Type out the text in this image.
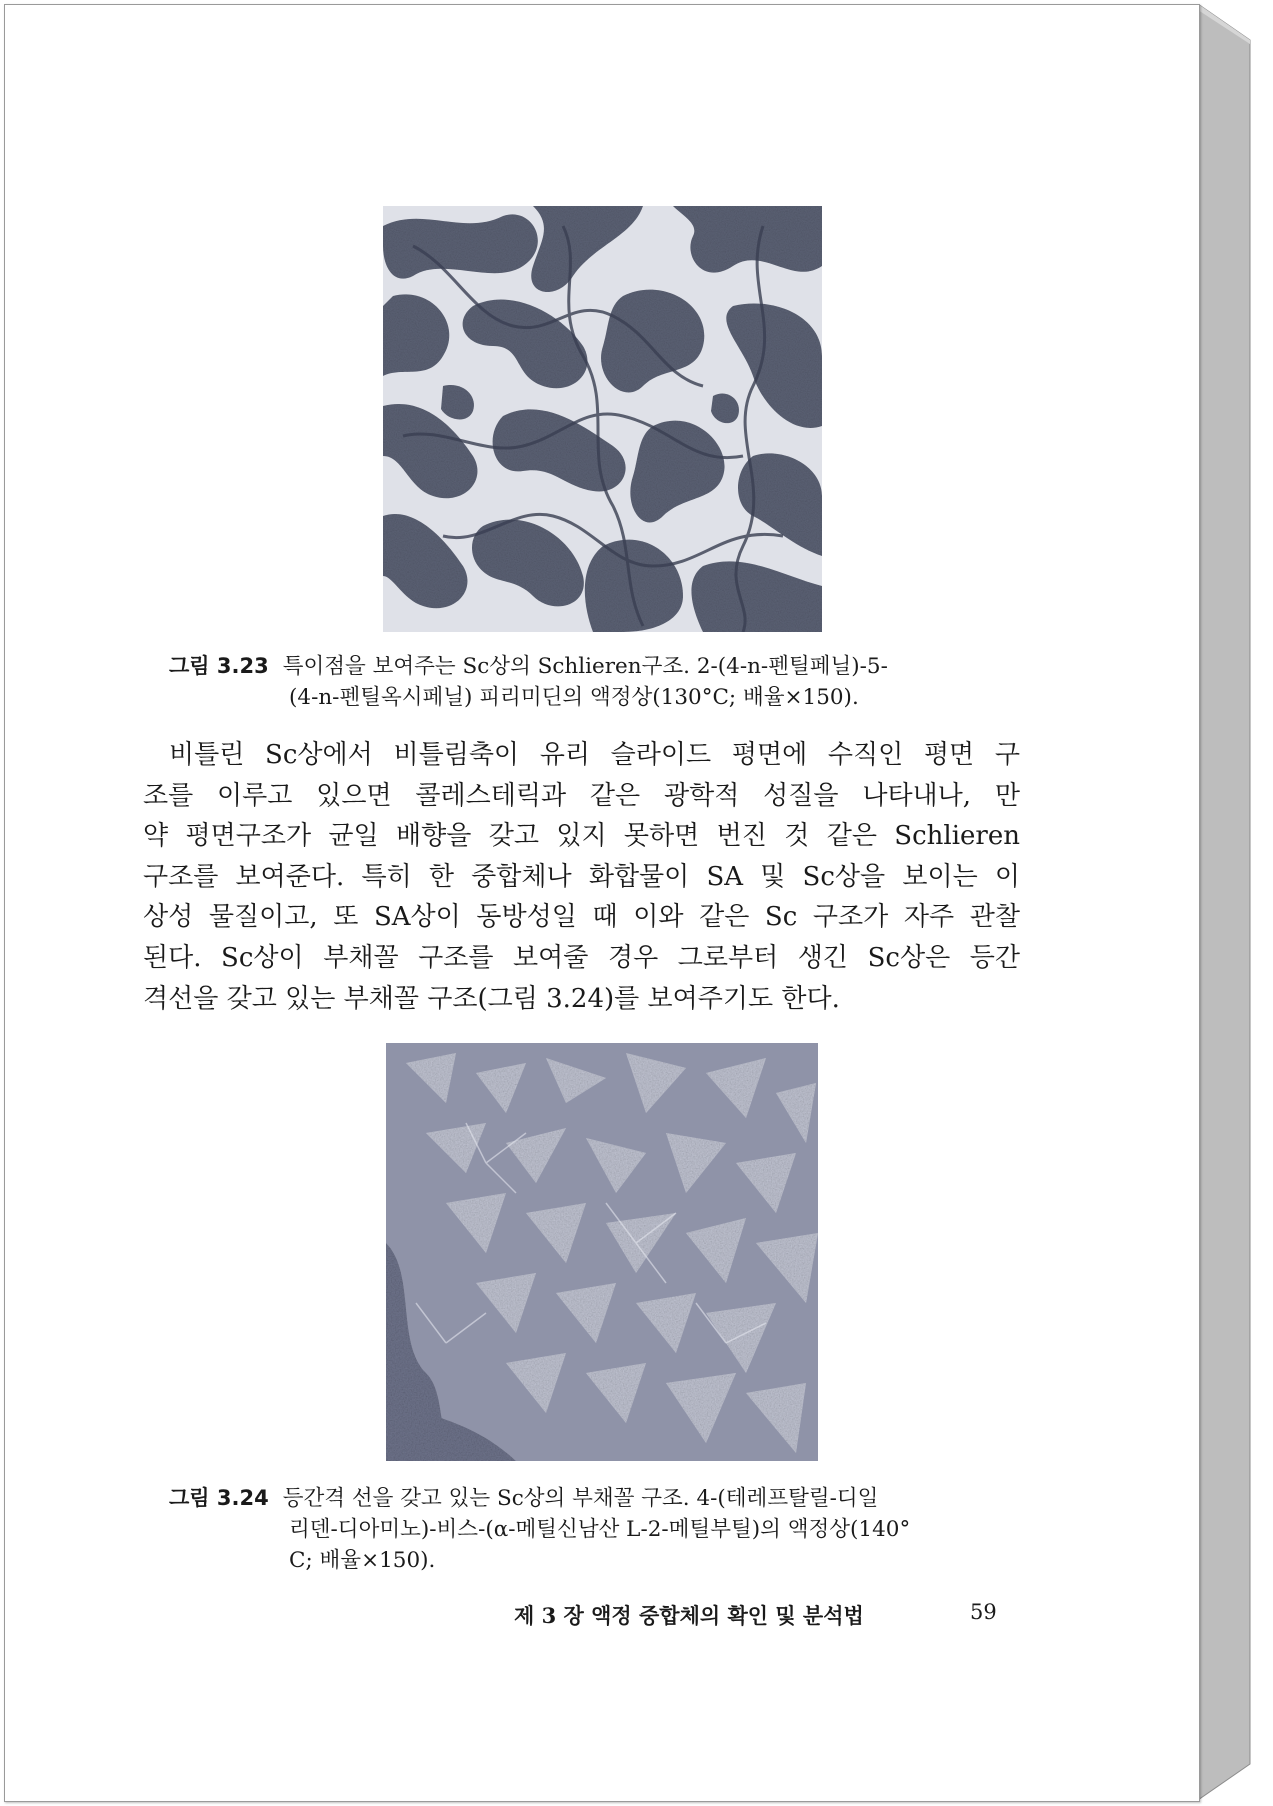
그림 3.23 특이점을 보여주는 Sc상의 Schlieren구조. 2-(4-n-펜틸페닐)-5-
(4-n-펜틸옥시페닐) 피리미딘의 액정상(130°C; 배율×150).
비틀린 Sc상에서 비틀림축이 유리 슬라이드 평면에 수직인 평면 구
조를 이루고 있으면 콜레스테릭과 같은 광학적 성질을 나타내나, 만
약 평면구조가 균일 배향을 갖고 있지 못하면 번진 것 같은 Schlieren
구조를 보여준다. 특히 한 중합체나 화합물이 SA 및 Sc상을 보이는 이
상성 물질이고, 또 SA상이 동방성일 때 이와 같은 Sc 구조가 자주 관찰
된다. Sc상이 부채꼴 구조를 보여줄 경우 그로부터 생긴 Sc상은 등간
격선을 갖고 있는 부채꼴 구조(그림 3.24)를 보여주기도 한다.
그림 3.24 등간격 선을 갖고 있는 Sc상의 부채꼴 구조. 4-(테레프탈릴-디일
리덴-디아미노)-비스-(α-메틸신남산 L-2-메틸부틸)의 액정상(140°
C; 배율×150).
제 3 장 액정 중합체의 확인 및 분석법	59
